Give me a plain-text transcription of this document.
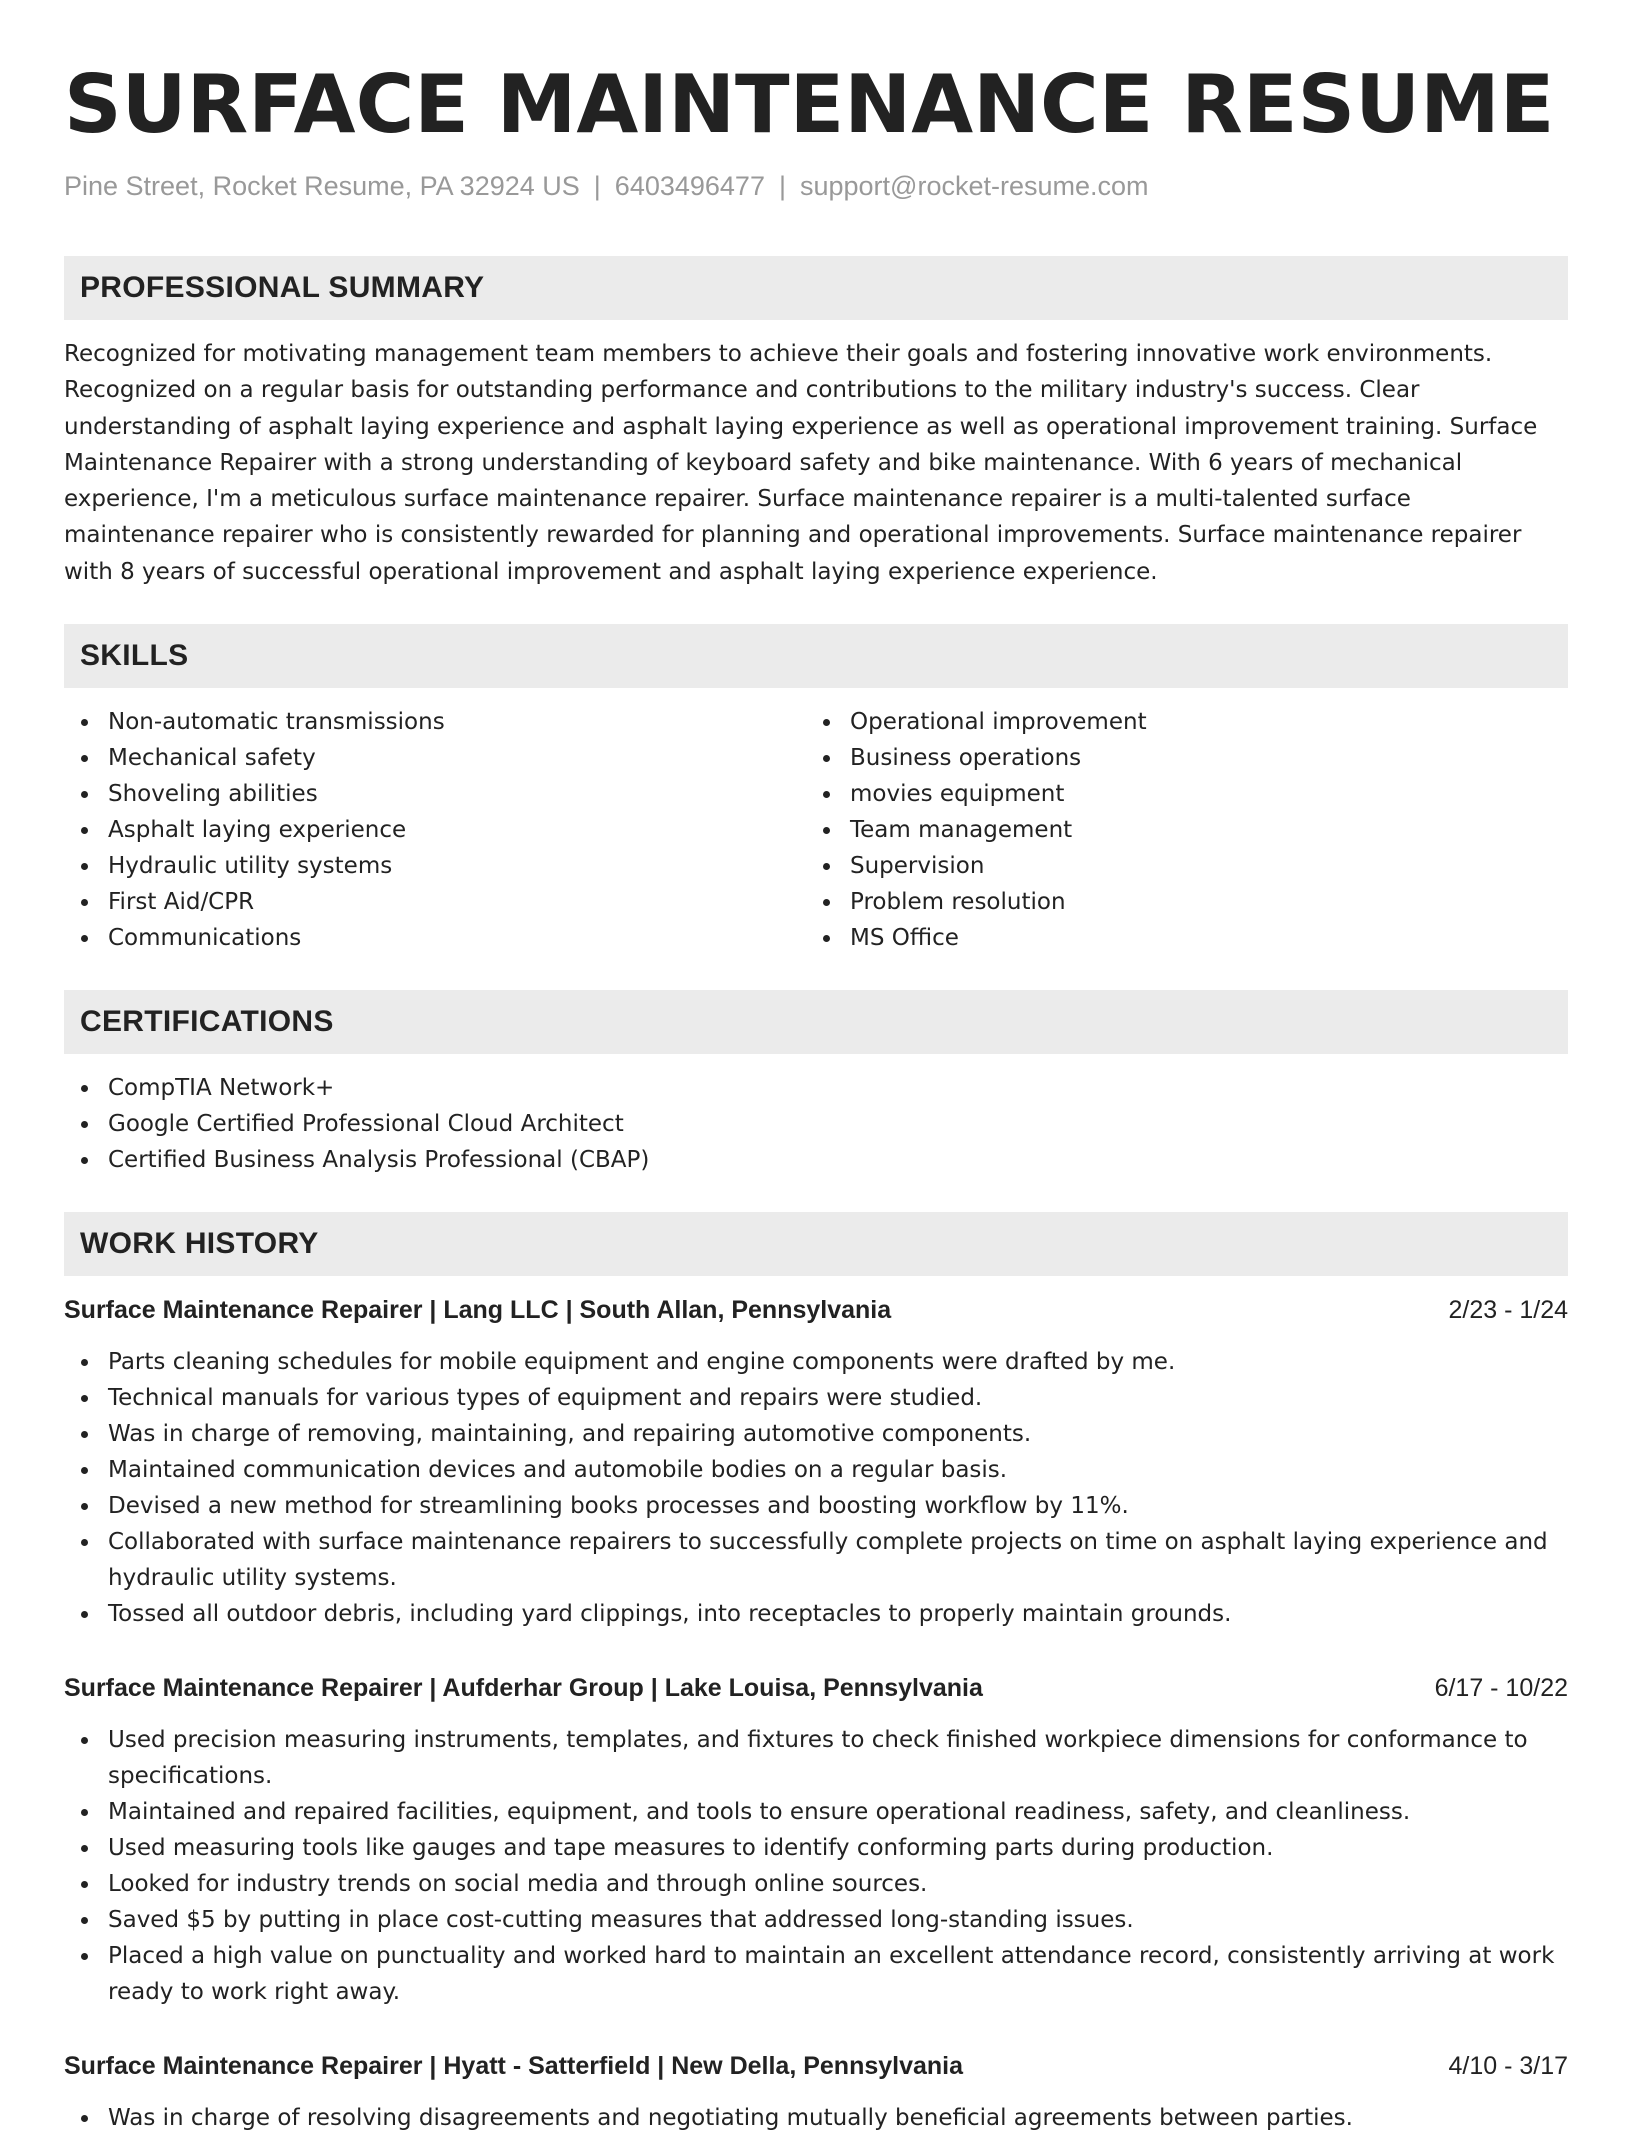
SURFACE MAINTENANCE RESUME
Pine Street, Rocket Resume, PA 32924 US | 6403496477 | support@rocket-resume.com
PROFESSIONAL SUMMARY

Recognized for motivating management team members to achieve their goals and fostering innovative work environments. Recognized on a regular basis for outstanding performance and contributions to the military industry's success. Clear understanding of asphalt laying experience and asphalt laying experience as well as operational improvement training. Surface Maintenance Repairer with a strong understanding of keyboard safety and bike maintenance. With 6 years of mechanical experience, I'm a meticulous surface maintenance repairer. Surface maintenance repairer is a multi-talented surface maintenance repairer who is consistently rewarded for planning and operational improvements. Surface maintenance repairer with 8 years of successful operational improvement and asphalt laying experience experience.

SKILLS
Non-automatic transmissions
Mechanical safety
Shoveling abilities
Asphalt laying experience
Hydraulic utility systems
First Aid/CPR
Communications
Operational improvement
Business operations
movies equipment
Team management
Supervision
Problem resolution
MS Office
CERTIFICATIONS
CompTIA Network+
Google Certified Professional Cloud Architect
Certified Business Analysis Professional (CBAP)
WORK HISTORY
Surface Maintenance Repairer | Lang LLC | South Allan, Pennsylvania	2/23 - 1/24
Parts cleaning schedules for mobile equipment and engine components were drafted by me.
Technical manuals for various types of equipment and repairs were studied.
Was in charge of removing, maintaining, and repairing automotive components.
Maintained communication devices and automobile bodies on a regular basis.
Devised a new method for streamlining books processes and boosting workflow by 11%.
Collaborated with surface maintenance repairers to successfully complete projects on time on asphalt laying experience and hydraulic utility systems.
Tossed all outdoor debris, including yard clippings, into receptacles to properly maintain grounds.
Surface Maintenance Repairer | Aufderhar Group | Lake Louisa, Pennsylvania	6/17 - 10/22
Used precision measuring instruments, templates, and fixtures to check finished workpiece dimensions for conformance to specifications.
Maintained and repaired facilities, equipment, and tools to ensure operational readiness, safety, and cleanliness.
Used measuring tools like gauges and tape measures to identify conforming parts during production.
Looked for industry trends on social media and through online sources.
Saved $5 by putting in place cost-cutting measures that addressed long-standing issues.
Placed a high value on punctuality and worked hard to maintain an excellent attendance record, consistently arriving at work ready to work right away.
Surface Maintenance Repairer | Hyatt - Satterfield | New Della, Pennsylvania	4/10 - 3/17
Was in charge of resolving disagreements and negotiating mutually beneficial agreements between parties.
